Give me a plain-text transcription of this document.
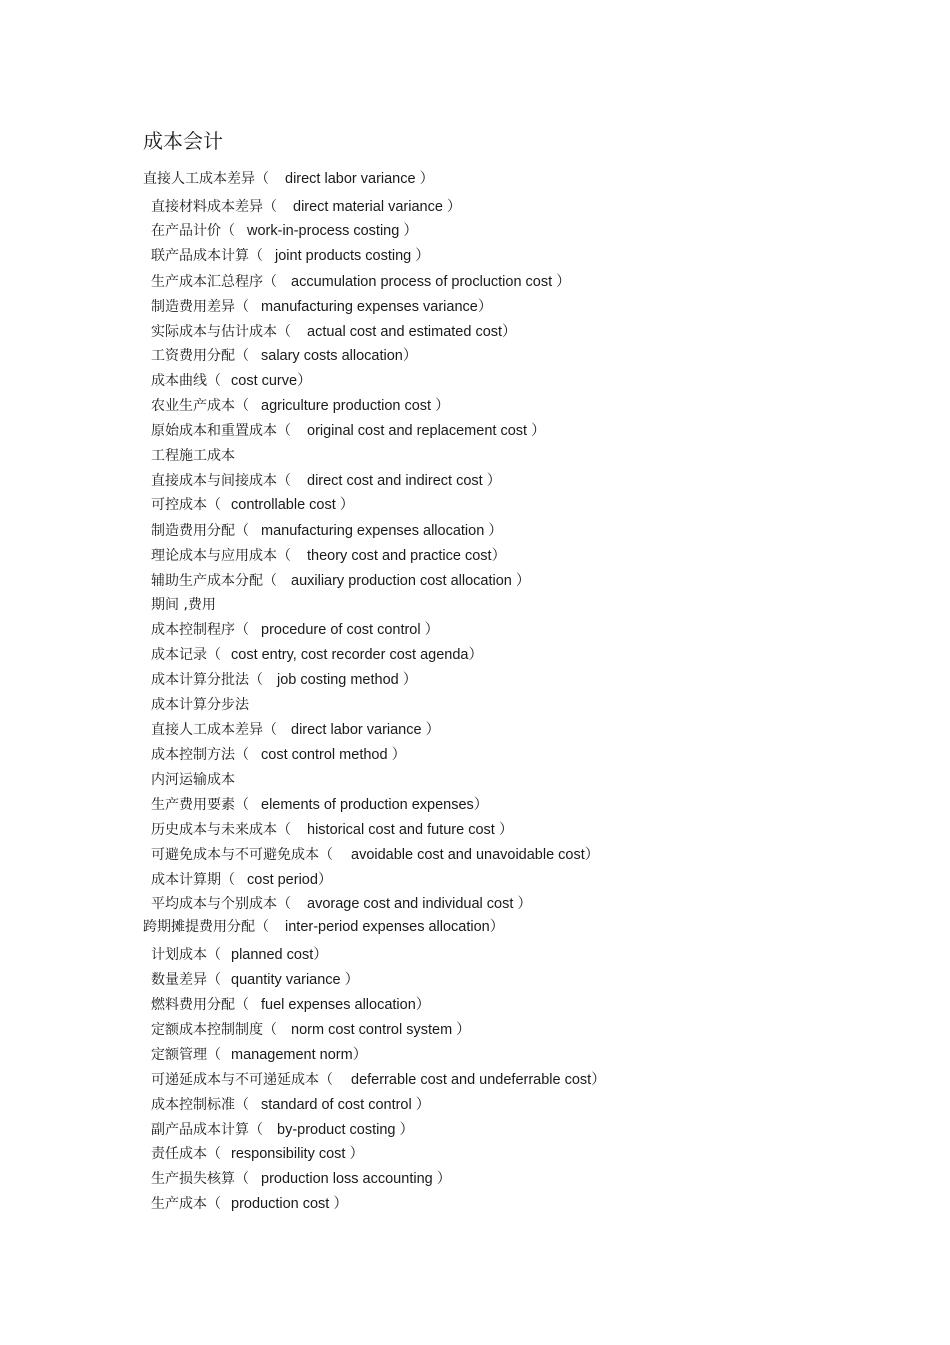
成本会计
直接人工成本差异（ direct labor variance ）
直接材料成本差异（ direct material variance ）
在产品计价（ work-in-process costing ）
联产品成本计算（ joint products costing ）
生产成本汇总程序（ accumulation process of procluction cost ）
制造费用差异（ manufacturing expenses variance）
实际成本与估计成本（ actual cost and estimated cost）
工资费用分配（ salary costs allocation）
成本曲线（ cost curve）
农业生产成本（ agriculture production cost ）
原始成本和重置成本（ original cost and replacement cost ）
工程施工成本
直接成本与间接成本（ direct cost and indirect cost ）
可控成本（ controllable cost ）
制造费用分配（ manufacturing expenses allocation ）
理论成本与应用成本（ theory cost and practice cost）
辅助生产成本分配（ auxiliary production cost allocation ）
期间 ,费用
成本控制程序（ procedure of cost control ）
成本记录（ cost entry, cost recorder cost agenda）
成本计算分批法（ job costing method ）
成本计算分步法
直接人工成本差异（ direct labor variance ）
成本控制方法（ cost control method ）
内河运输成本
生产费用要素（ elements of production expenses）
历史成本与未来成本（ historical cost and future cost ）
可避免成本与不可避免成本（ avoidable cost and unavoidable cost）
成本计算期（ cost period）
平均成本与个别成本（ avorage cost and individual cost ）
跨期摊提费用分配（ inter-period expenses allocation）
计划成本（ planned cost）
数量差异（ quantity variance ）
燃料费用分配（ fuel expenses allocation）
定额成本控制制度（ norm cost control system ）
定额管理（ management norm）
可递延成本与不可递延成本（ deferrable cost and undeferrable cost）
成本控制标准（ standard of cost control ）
副产品成本计算（ by-product costing ）
责任成本（ responsibility cost ）
生产损失核算（ production loss accounting ）
生产成本（ production cost ）
